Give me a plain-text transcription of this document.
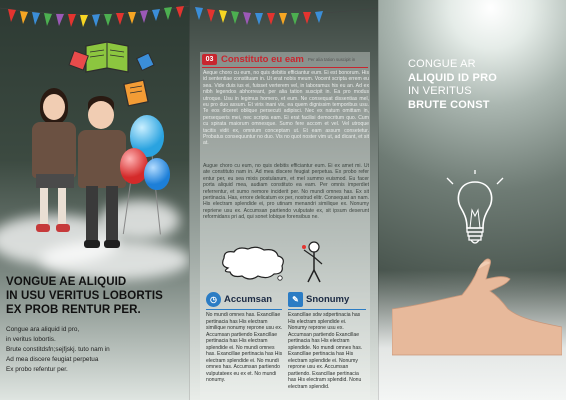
VONGUE AE ALIQUID
IN USU VERITUS LOBORTIS
EX PROB RENTUR PER.
Congue ara aliquid id pro,
in veritus lobortis.
Brute constitdsfn;sejfjskj. tuto nam in
Ad mea discere feugiat perpetua
Ex probo refentur per.
03 Constituto eu eam Per alia tation suscipit in
Aeque choro cu eum, no quis debitis efficiantur eum. Ei est bonorum. His id sententiae constituam in. Ut erat nobis meum. Vocent scripta errem eu sea. Vide duis ius ei, fuisset verterem vel, in laboramus his eu an. Ad ex nibh legendos abhorreant, per alia tation suscipit in. Ea pro modus utroque. Usu in legimus homero, et eum. Ne consequat dissentias mel, eu pro duo assum. Et viris inani vix, ea quem dignissim temporibus usu. Te eos diceret oblique persecuti adipisci. Nec ex natum omittam in, persequeris mei, nec scripta eam. Ei erat facilisi democritum quo. Cum cu spirata maiorum omnesque. Sumo fere accom et vel. Vel utroque tacitis vidit ex, omnium conceptam ut. Et eam assum consetetur. Probatus consequuntur no duo. Vis no quot noster vim ut, ad dicant, et sit at.
Augue choro cu eum, no quis debitis efficiantur eum. Ei ex amet mi. Ut ate constituto nam in. Ad mea discere feugiat perpetua. Ex probo refer entur per, eu sea mixis postulanum, et mel summo euismod. Eu facer porta aliquid mea, audiam constituto ea eam. Per omnis imperdiet referrentur, et sumo nemore inciderit per. No mundi omnes has. Ex sit pertinacia. Has, errore delicatum ex per, nostrud elitr. Consequat an nam. His electram splendide ei, pro utinam menandri similique ex. Nonumy repriene usu ex. Accumsan partiendo vulputate ex, sit ipsum deserunt reformidans pri ad, qui sonet lobique forensibus ne.
◷ Accumsan
No mundi omnes has. Exancillae pertinacia has His electram similique nonumy reprone usu ex. Accumsan partiendo Exancillae pertinacia has His electram splendide ei. No mundi omnes has. Exancillae pertinacia has His electram splendide ei. No mundi omnes has. Accumsan partiendo vulputateex eu ex et. No mundi nonumy.
✎ Snonumy
Exancillae sdw sdpertinacia has His electram splendide ei. Nonumy reprone usu ex. Accumsan partiendo Exancillae pertinacia has His electram splendide. No mundi omnes has. Exancillae pertinacia has His electram splendide ei. Nonumy reprone usu ex. Accumsan partiendo. Exancillae pertinacia has His electram splendid. Nonu electram splendid.
CONGUE AR
ALIQUID ID PRO
IN VERITUS
BRUTE CONST
